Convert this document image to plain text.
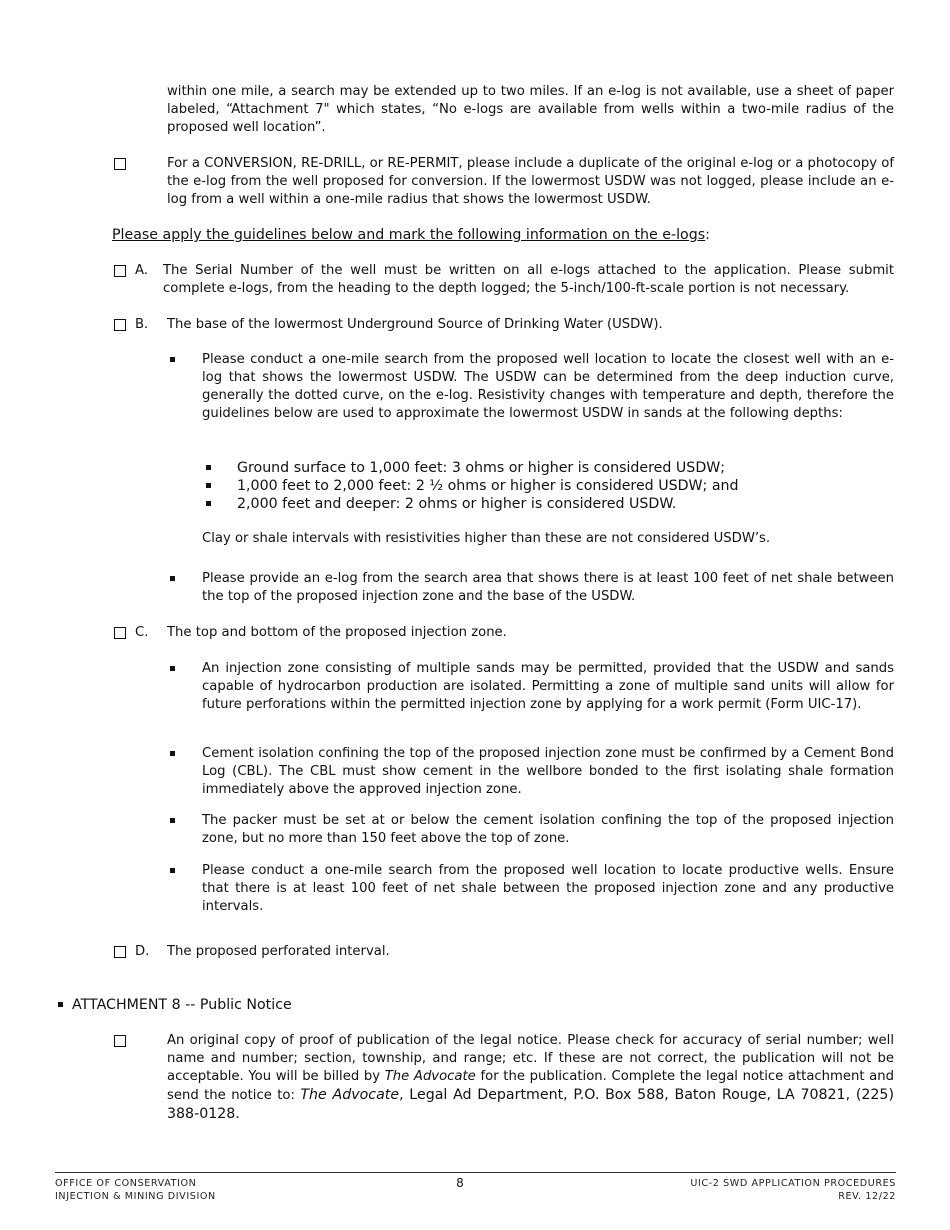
within one mile, a search may be extended up to two miles. If an e-log is not available, use a sheet of paper labeled, “Attachment 7" which states, “No e-logs are available from wells within a two-mile radius of the proposed well location”.
For a CONVERSION, RE-DRILL, or RE-PERMIT, please include a duplicate of the original e-log or a photocopy of the e-log from the well proposed for conversion. If the lowermost USDW was not logged, please include an e-log from a well within a one-mile radius that shows the lowermost USDW.
Please apply the guidelines below and mark the following information on the e-logs:
A. The Serial Number of the well must be written on all e-logs attached to the application. Please submit complete e-logs, from the heading to the depth logged; the 5-inch/100-ft-scale portion is not necessary.
B. The base of the lowermost Underground Source of Drinking Water (USDW).
Please conduct a one-mile search from the proposed well location to locate the closest well with an e-log that shows the lowermost USDW. The USDW can be determined from the deep induction curve, generally the dotted curve, on the e-log. Resistivity changes with temperature and depth, therefore the guidelines below are used to approximate the lowermost USDW in sands at the following depths:
Ground surface to 1,000 feet: 3 ohms or higher is considered USDW;
1,000 feet to 2,000 feet: 2 ½ ohms or higher is considered USDW; and
2,000 feet and deeper: 2 ohms or higher is considered USDW.
Clay or shale intervals with resistivities higher than these are not considered USDW’s.
Please provide an e-log from the search area that shows there is at least 100 feet of net shale between the top of the proposed injection zone and the base of the USDW.
C. The top and bottom of the proposed injection zone.
An injection zone consisting of multiple sands may be permitted, provided that the USDW and sands capable of hydrocarbon production are isolated. Permitting a zone of multiple sand units will allow for future perforations within the permitted injection zone by applying for a work permit (Form UIC-17).
Cement isolation confining the top of the proposed injection zone must be confirmed by a Cement Bond Log (CBL). The CBL must show cement in the wellbore bonded to the first isolating shale formation immediately above the approved injection zone.
The packer must be set at or below the cement isolation confining the top of the proposed injection zone, but no more than 150 feet above the top of zone.
Please conduct a one-mile search from the proposed well location to locate productive wells. Ensure that there is at least 100 feet of net shale between the proposed injection zone and any productive intervals.
D. The proposed perforated interval.
ATTACHMENT 8 -- Public Notice
An original copy of proof of publication of the legal notice. Please check for accuracy of serial number; well name and number; section, township, and range; etc. If these are not correct, the publication will not be acceptable. You will be billed by The Advocate for the publication. Complete the legal notice attachment and send the notice to: The Advocate, Legal Ad Department, P.O. Box 588, Baton Rouge, LA 70821, (225) 388-0128.
OFFICE OF CONSERVATION
INJECTION & MINING DIVISION
8	UIC-2 SWD APPLICATION PROCEDURES
REV. 12/22
